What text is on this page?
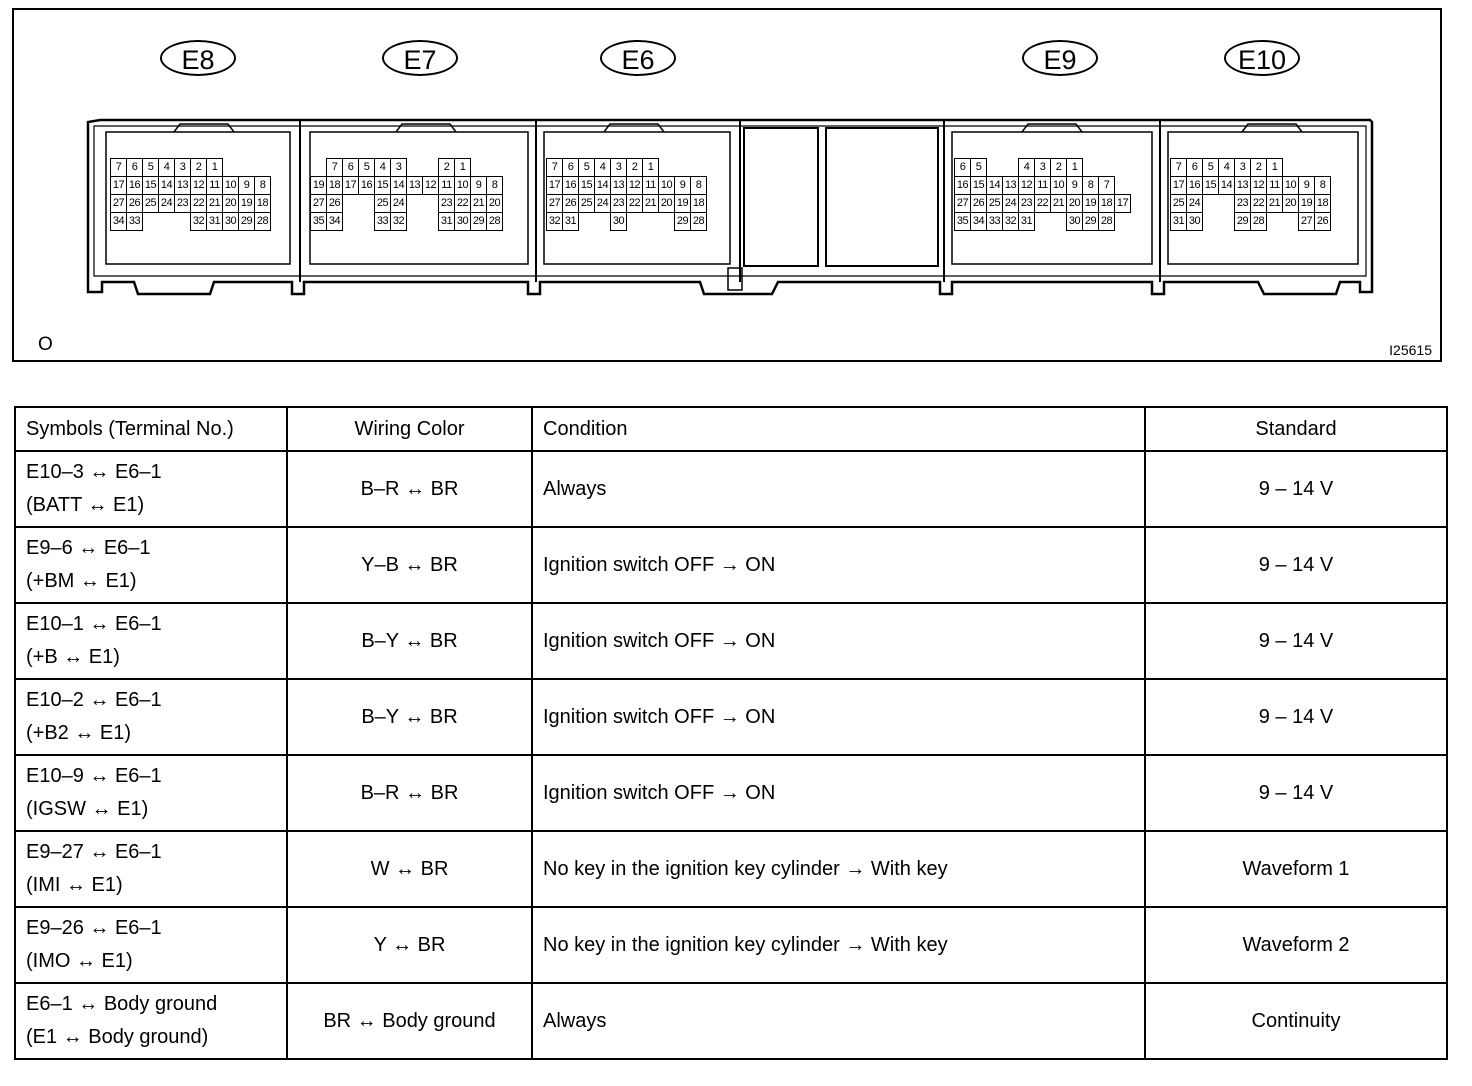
E8	E7	E6	E9	E10
7	6	5	4	3	2	1			
17	16	15	14	13	12	11	10	9	8
27	26	25	24	23	22	21	20	19	18
34	33				32	31	30	29	28
	7	6	5	4	3			2	1		
19	18	17	16	15	14	13	12	11	10	9	8
27	26			25	24			23	22	21	20
35	34			33	32			31	30	29	28
7	6	5	4	3	2	1			
17	16	15	14	13	12	11	10	9	8
27	26	25	24	23	22	21	20	19	18
32	31			30				29	28
6	5			4	3	2	1			
16	15	14	13	12	11	10	9	8	7	
27	26	25	24	23	22	21	20	19	18	17
35	34	33	32	31			30	29	28	
7	6	5	4	3	2	1			
17	16	15	14	13	12	11	10	9	8
25	24			23	22	21	20	19	18
31	30			29	28			27	26
O	I25615
Symbols (Terminal No.)	Wiring Color	Condition	Standard

E10–3 ↔ E6–1
(BATT ↔ E1)	B–R ↔ BR	Always	9 – 14 V

E9–6 ↔ E6–1
(+BM ↔ E1)	Y–B ↔ BR	Ignition switch OFF → ON	9 – 14 V

E10–1 ↔ E6–1
(+B ↔ E1)	B–Y ↔ BR	Ignition switch OFF → ON	9 – 14 V

E10–2 ↔ E6–1
(+B2 ↔ E1)	B–Y ↔ BR	Ignition switch OFF → ON	9 – 14 V

E10–9 ↔ E6–1
(IGSW ↔ E1)	B–R ↔ BR	Ignition switch OFF → ON	9 – 14 V

E9–27 ↔ E6–1
(IMI ↔ E1)	W ↔ BR	No key in the ignition key cylinder → With key	Waveform 1

E9–26 ↔ E6–1
(IMO ↔ E1)	Y ↔ BR	No key in the ignition key cylinder → With key	Waveform 2

E6–1 ↔ Body ground
(E1 ↔ Body ground)	BR ↔ Body ground	Always	Continuity
